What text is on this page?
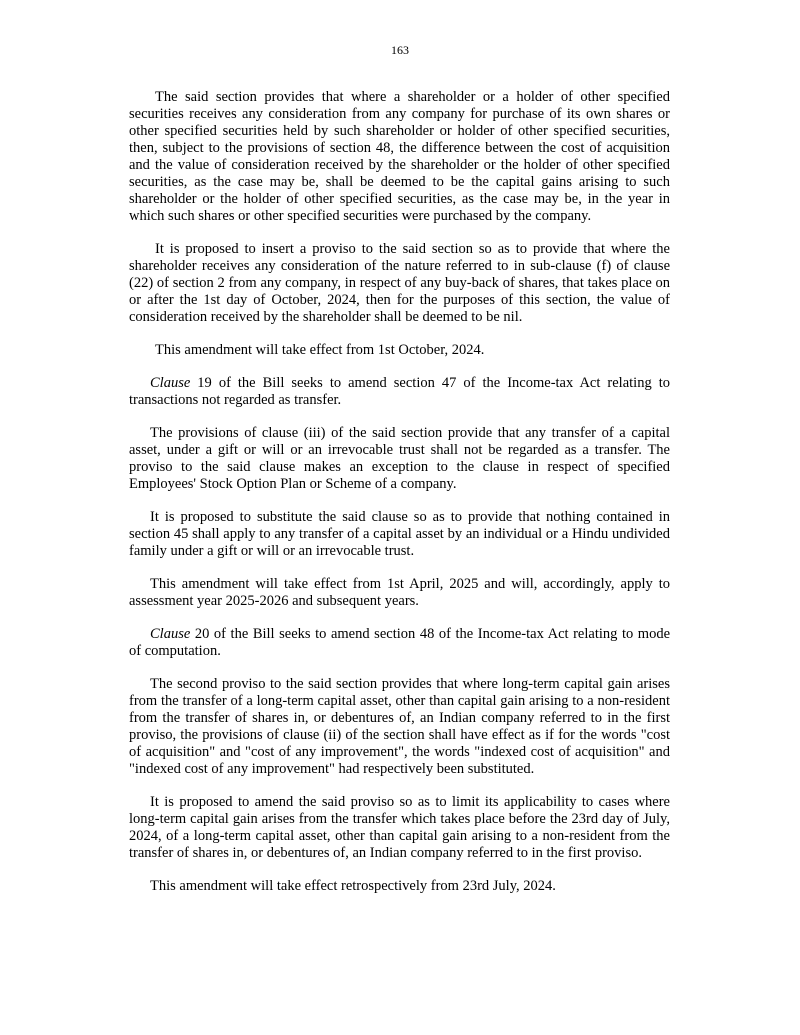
163

The said section provides that where a shareholder or a holder of other specified securities receives any consideration from any company for purchase of its own shares or other specified securities held by such shareholder or holder of other specified securities, then, subject to the provisions of section 48, the difference between the cost of acquisition and the value of consideration received by the shareholder or the holder of other specified securities, as the case may be, shall be deemed to be the capital gains arising to such shareholder or the holder of other specified securities, as the case may be, in the year in which such shares or other specified securities were purchased by the company.

It is proposed to insert a proviso to the said section so as to provide that where the shareholder receives any consideration of the nature referred to in sub-clause (f) of clause (22) of section 2 from any company, in respect of any buy-back of shares, that takes place on or after the 1st day of October, 2024, then for the purposes of this section, the value of consideration received by the shareholder shall be deemed to be nil.

This amendment will take effect from 1st October, 2024.

Clause 19 of the Bill seeks to amend section 47 of the Income-tax Act relating to transactions not regarded as transfer.

The provisions of clause (iii) of the said section provide that any transfer of a capital asset, under a gift or will or an irrevocable trust shall not be regarded as a transfer. The proviso to the said clause makes an exception to the clause in respect of specified Employees' Stock Option Plan or Scheme of a company.

It is proposed to substitute the said clause so as to provide that nothing contained in section 45 shall apply to any transfer of a capital asset by an individual or a Hindu undivided family under a gift or will or an irrevocable trust.

This amendment will take effect from 1st April, 2025 and will, accordingly, apply to assessment year 2025-2026 and subsequent years.

Clause 20 of the Bill seeks to amend section 48 of the Income-tax Act relating to mode of computation.

The second proviso to the said section provides that where long-term capital gain arises from the transfer of a long-term capital asset, other than capital gain arising to a non-resident from the transfer of shares in, or debentures of, an Indian company referred to in the first proviso, the provisions of clause (ii) of the section shall have effect as if for the words "cost of acquisition" and "cost of any improvement", the words "indexed cost of acquisition" and "indexed cost of any improvement" had respectively been substituted.

It is proposed to amend the said proviso so as to limit its applicability to cases where long-term capital gain arises from the transfer which takes place before the 23rd day of July, 2024, of a long-term capital asset, other than capital gain arising to a non-resident from the transfer of shares in, or debentures of, an Indian company referred to in the first proviso.

This amendment will take effect retrospectively from 23rd July, 2024.
